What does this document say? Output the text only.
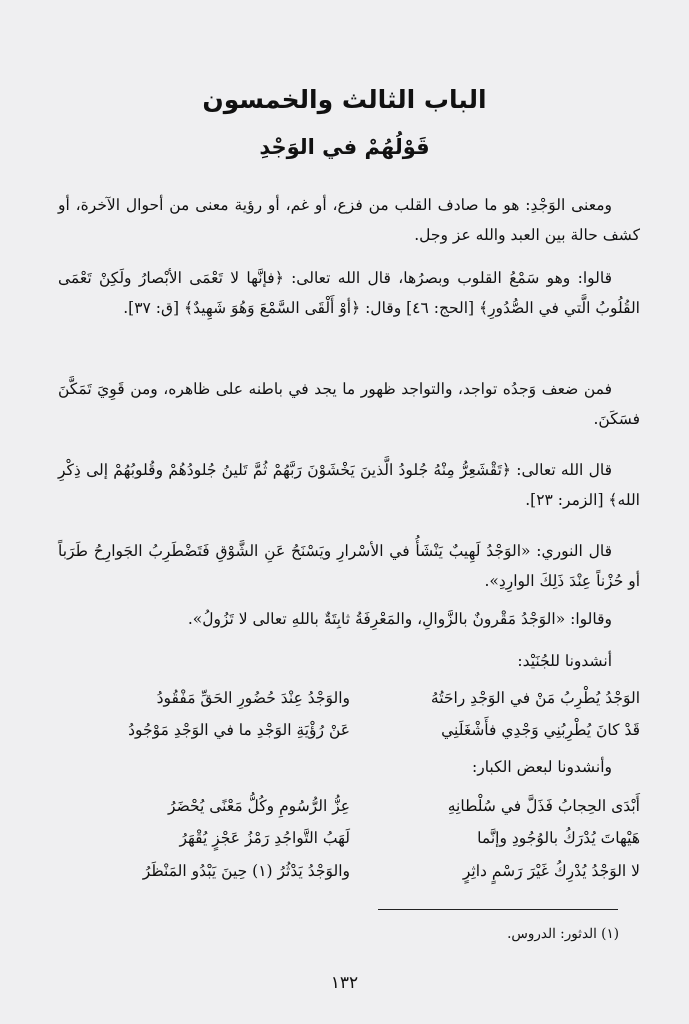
الباب الثالث والخمسون
قَوْلُهُمْ في الوَجْدِ
ومعنى الوَجْدِ: هو ما صادف القلب من فزع، أو غم، أو رؤية معنى من أحوال الآخرة، أو كشف حالة بين العبد والله عز وجل.
قالوا: وهو سَمْعُ القلوب وبصرُها، قال الله تعالى: ﴿فإنَّها لا تَعْمَى الأبْصارُ ولَكِنْ تَعْمَى القُلُوبُ الَّتي في الصُّدُورِ﴾ [الحج: ٤٦] وقال: ﴿أوْ أَلْقَى السَّمْعَ وَهُوَ شَهِيدٌ﴾ [ق: ٣٧].
فمن ضعف وَجدُه تواجد، والتواجد ظهور ما يجد في باطنه على ظاهره، ومن قَوِيَ تَمَكَّنَ فسَكَنَ.
قال الله تعالى: ﴿تَقْشَعِرُّ مِنْهُ جُلودُ الَّذينَ يَخْشَوْنَ رَبَّهُمْ ثُمَّ تَلينُ جُلودُهُمْ وقُلوبُهُمْ إلى ذِكْرِ الله﴾ [الزمر: ٢٣].
قال النوري: «الوَجْدُ لَهِيبٌ يَنْشَأُ في الأسْرارِ ويَسْنَحُ عَنِ الشَّوْقِ فَتَضْطَرِبُ الجَوارِحُ طَرَباً أو حُزْناً عِنْدَ ذَلِكَ الوارِدِ».
وقالوا: «الوَجْدُ مَقْرونٌ بالزَّوالِ، والمَعْرِفَةُ ثابِتَةٌ باللهِ تعالى لا تَزُولُ».
أنشدونا للجُنَيْد:
الوَجْدُ يُطْرِبُ مَنْ في الوَجْدِ راحَتُهُ
والوَجْدُ عِنْدَ حُضُورِ الحَقِّ مَفْقُودُ
قَدْ كانَ يُطْرِبُنِي وَجْدِي فأَشْغَلَنِي
عَنْ رُؤْيَةِ الوَجْدِ ما في الوَجْدِ مَوْجُودُ
وأنشدونا لبعض الكبار:
أَبْدَى الحِجابُ فَذَلَّ في سُلْطانِهِ
عِزُّ الرُّسُومِ وكُلُّ مَعْنًى يُحْضَرُ
هَيْهاتَ يُدْرَكُ بالوُجُودِ وإنَّما
لَهَبُ التَّواجُدِ رَمْزُ عَجْزٍ يُقْهَرُ
لا الوَجْدُ يُدْرِكُ غَيْرَ رَسْمٍ داثِرٍ
والوَجْدُ يَدْثُرُ (١) حِينَ يَبْدُو المَنْظَرُ
(١) الدثور: الدروس.
١٣٢
